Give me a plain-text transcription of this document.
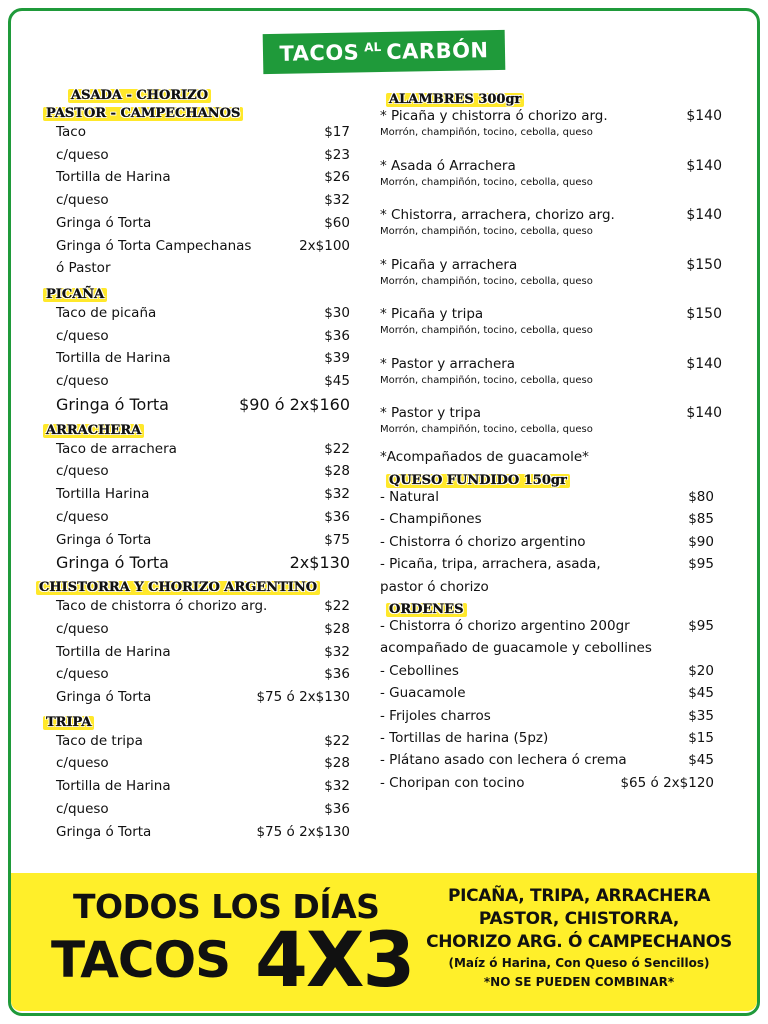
TACOS AL CARBÓN
ASADA - CHORIZO
PASTOR - CAMPECHANOS
Taco	$17
c/queso	$23
Tortilla de Harina	$26
c/queso	$32
Gringa ó Torta	$60
Gringa ó Torta Campechanas	2x$100
ó Pastor
PICAÑA
Taco de picaña	$30
c/queso	$36
Tortilla de Harina	$39
c/queso	$45
Gringa ó Torta	$90 ó 2x$160
ARRACHERA
Taco de arrachera	$22
c/queso	$28
Tortilla Harina	$32
c/queso	$36
Gringa ó Torta	$75
Gringa ó Torta	2x$130
CHISTORRA Y CHORIZO ARGENTINO
Taco de chistorra ó chorizo arg.	$22
c/queso	$28
Tortilla de Harina	$32
c/queso	$36
Gringa ó Torta	$75 ó 2x$130
TRIPA
Taco de tripa	$22
c/queso	$28
Tortilla de Harina	$32
c/queso	$36
Gringa ó Torta	$75 ó 2x$130
ALAMBRES 300gr
* Picaña y chistorra ó chorizo arg.	$140
Morrón, champiñón, tocino, cebolla, queso
* Asada ó Arrachera	$140
Morrón, champiñón, tocino, cebolla, queso
* Chistorra, arrachera, chorizo arg.	$140
Morrón, champiñón, tocino, cebolla, queso
* Picaña y arrachera	$150
Morrón, champiñón, tocino, cebolla, queso
* Picaña y tripa	$150
Morrón, champiñón, tocino, cebolla, queso
* Pastor y arrachera	$140
Morrón, champiñón, tocino, cebolla, queso
* Pastor y tripa	$140
Morrón, champiñón, tocino, cebolla, queso
*Acompañados de guacamole*
QUESO FUNDIDO 150gr
- Natural	$80
- Champiñones	$85
- Chistorra ó chorizo argentino	$90
- Picaña, tripa, arrachera, asada,	$95
pastor ó chorizo
ORDENES
- Chistorra ó chorizo argentino 200gr	$95
acompañado de guacamole y cebollines
- Cebollines	$20
- Guacamole	$45
- Frijoles charros	$35
- Tortillas de harina (5pz)	$15
- Plátano asado con lechera ó crema	$45
- Choripan con tocino	$65 ó 2x$120
TODOS LOS DÍAS
TACOS 4X3
PICAÑA, TRIPA, ARRACHERA
PASTOR, CHISTORRA,
CHORIZO ARG. Ó CAMPECHANOS
(Maíz ó Harina, Con Queso ó Sencillos)
*NO SE PUEDEN COMBINAR*
